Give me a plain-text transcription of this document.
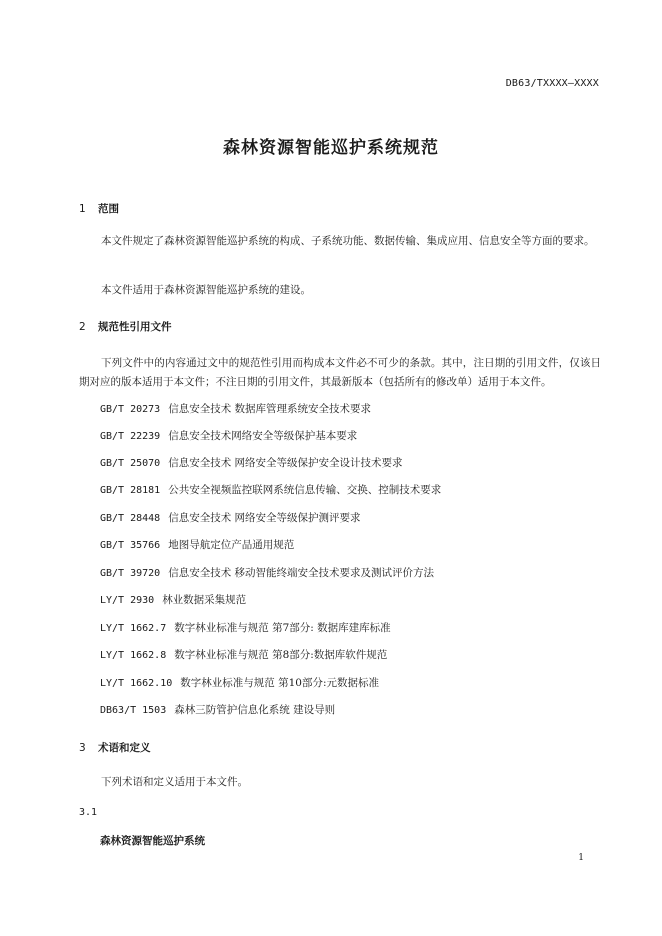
DB63/TXXXX—XXXX
森林资源智能巡护系统规范
1 范围
本文件规定了森林资源智能巡护系统的构成、子系统功能、数据传输、集成应用、信息安全等方面的要求。
本文件适用于森林资源智能巡护系统的建设。
2 规范性引用文件
下列文件中的内容通过文中的规范性引用而构成本文件必不可少的条款。其中，注日期的引用文件，仅该日期对应的版本适用于本文件；不注日期的引用文件，其最新版本（包括所有的修改单）适用于本文件。
GB/T 20273 信息安全技术 数据库管理系统安全技术要求
GB/T 22239 信息安全技术网络安全等级保护基本要求
GB/T 25070 信息安全技术 网络安全等级保护安全设计技术要求
GB/T 28181 公共安全视频监控联网系统信息传输、交换、控制技术要求
GB/T 28448 信息安全技术 网络安全等级保护测评要求
GB/T 35766 地图导航定位产品通用规范
GB/T 39720 信息安全技术 移动智能终端安全技术要求及测试评价方法
LY/T 2930 林业数据采集规范
LY/T 1662.7 数字林业标准与规范 第7部分: 数据库建库标准
LY/T 1662.8 数字林业标准与规范 第8部分:数据库软件规范
LY/T 1662.10 数字林业标准与规范 第10部分:元数据标准
DB63/T 1503 森林三防管护信息化系统 建设导则
3 术语和定义
下列术语和定义适用于本文件。
3.1
森林资源智能巡护系统
1
